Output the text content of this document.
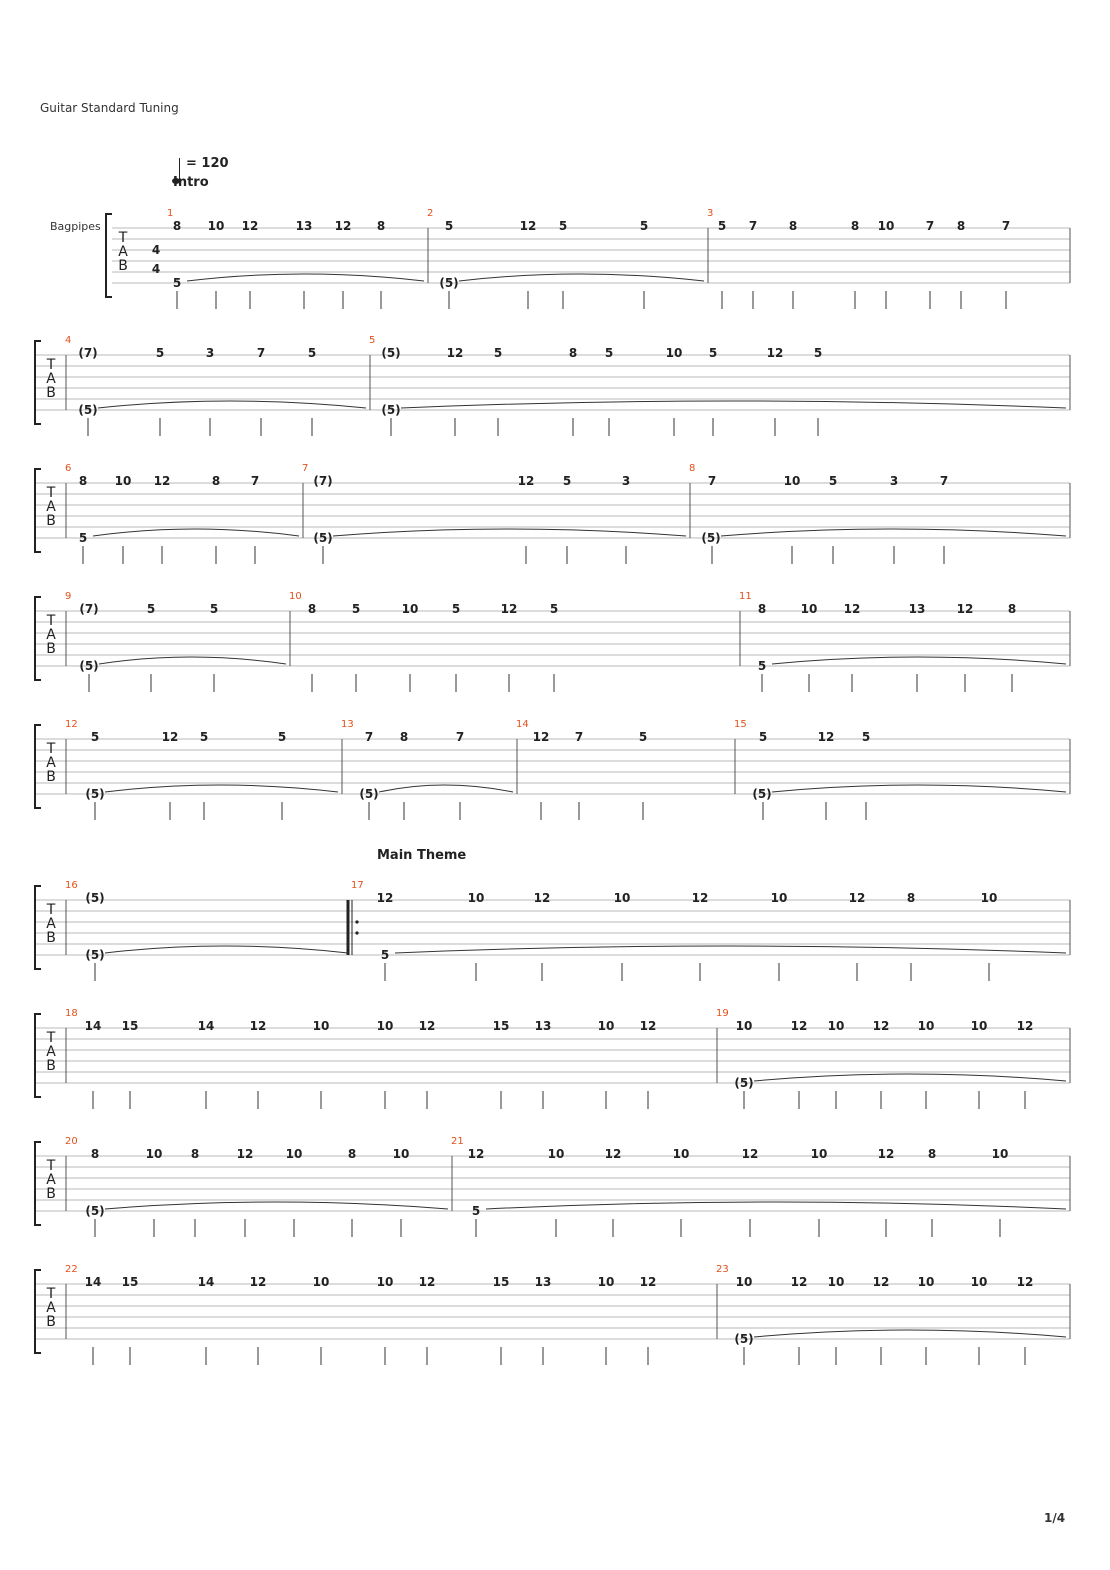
Guitar Standard Tuning
= 120
Intro
Main Theme
Bagpipes
1/4
T
A
B
4
4
1
8 10 12	13 12 8
5
2
5	12 5	5
(5)
3
5 7	8	8 10	7 8	7
T
A
B
4
(7)	5	3	7	5
(5)
5
(5)	12	5	8 5	10 5	12	5
(5)
T
A
B
6
8 10 12	8	7
5
7
(7)	12 5	3
(5)
8
7	10 5	3	7
(5)
T
A
B
9
(7)	5	5
(5)
10
8	5	10	5	12	5
11
8	10 12	13	12	8
5
T
A
B
12
5	12 5	5
(5)
13
7 8	7
(5)
14
12 7	5
15
5	12 5
(5)
T
A
B
16
(5)
(5)
17
12	10	12	10	12	10	12	8	10
5
T
A
B
18
14 15	14	12	10	10 12	15 13	10 12
19
10	12 10 12 10	10 12
(5)
T
A
B
20
8	10 8	12	10	8	10
(5)
21
12	10	12	10	12	10	12	8	10
5
T
A
B
22
14 15	14	12	10	10 12	15 13	10 12
23
10	12 10 12 10	10 12
(5)
